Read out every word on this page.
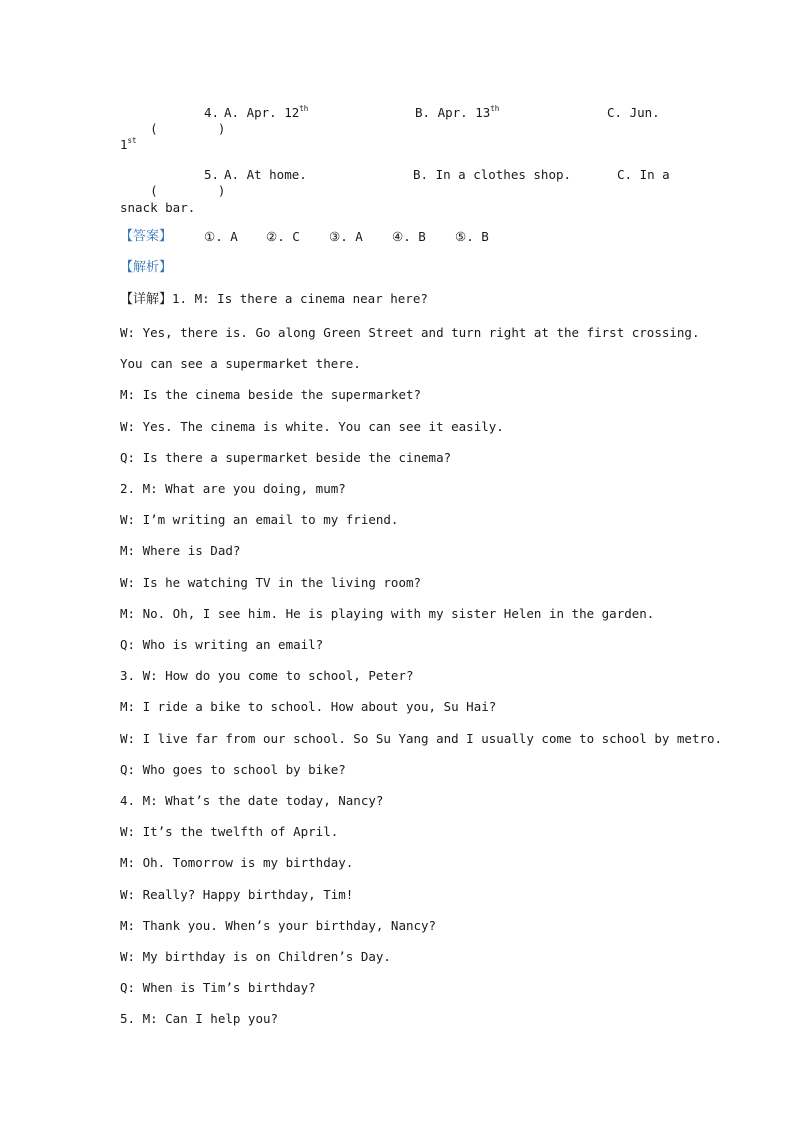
(        )

4. A. Apr. 12th	B. Apr. 13th	C. Jun.
1st

(        )

5. A. At home.	B. In a clothes shop.	C. In a
snack bar.
【答案】	①. A ②. C ③. A ④. B ⑤. B
【解析】
【详解】1. M: Is there a cinema near here?
W: Yes, there is. Go along Green Street and turn right at the first crossing.
You can see a supermarket there.
M: Is the cinema beside the supermarket?
W: Yes. The cinema is white. You can see it easily.
Q: Is there a supermarket beside the cinema?
2. M: What are you doing, mum?
W: I’m writing an email to my friend.
M: Where is Dad?
W: Is he watching TV in the living room?
M: No. Oh, I see him. He is playing with my sister Helen in the garden.
Q: Who is writing an email?
3. W: How do you come to school, Peter?
M: I ride a bike to school. How about you, Su Hai?
W: I live far from our school. So Su Yang and I usually come to school by metro.
Q: Who goes to school by bike?
4. M: What’s the date today, Nancy?
W: It’s the twelfth of April.
M: Oh. Tomorrow is my birthday.
W: Really? Happy birthday, Tim!
M: Thank you. When’s your birthday, Nancy?
W: My birthday is on Children’s Day.
Q: When is Tim’s birthday?
5. M: Can I help you?
